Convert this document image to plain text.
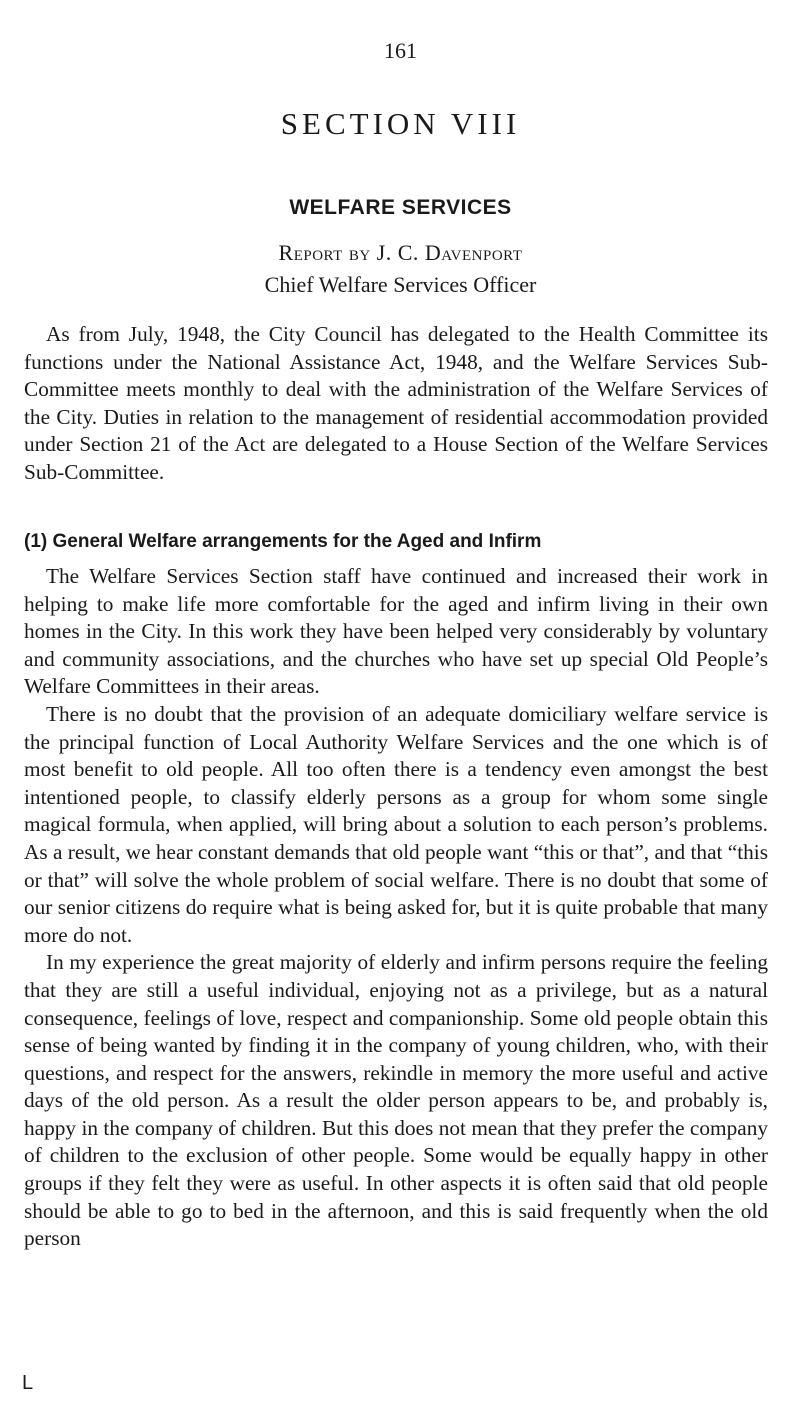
161
SECTION VIII
WELFARE SERVICES
Report by J. C. Davenport
Chief Welfare Services Officer

As from July, 1948, the City Council has delegated to the Health Committee its functions under the National Assistance Act, 1948, and the Welfare Services Sub-Committee meets monthly to deal with the administration of the Welfare Services of the City. Duties in relation to the management of residential accommodation provided under Section 21 of the Act are delegated to a House Section of the Welfare Services Sub-Committee.

(1) General Welfare arrangements for the Aged and Infirm

The Welfare Services Section staff have continued and increased their work in helping to make life more comfortable for the aged and infirm living in their own homes in the City. In this work they have been helped very considerably by voluntary and community associations, and the churches who have set up special Old People’s Welfare Committees in their areas.

There is no doubt that the provision of an adequate domiciliary welfare service is the principal function of Local Authority Welfare Services and the one which is of most benefit to old people. All too often there is a tendency even amongst the best intentioned people, to classify elderly persons as a group for whom some single magical formula, when applied, will bring about a solution to each person’s problems. As a result, we hear constant demands that old people want “this or that”, and that “this or that” will solve the whole problem of social welfare. There is no doubt that some of our senior citizens do require what is being asked for, but it is quite probable that many more do not.

In my experience the great majority of elderly and infirm persons require the feeling that they are still a useful individual, enjoying not as a privilege, but as a natural consequence, feelings of love, respect and companionship. Some old people obtain this sense of being wanted by finding it in the company of young children, who, with their questions, and respect for the answers, rekindle in memory the more useful and active days of the old person. As a result the older person appears to be, and probably is, happy in the company of children. But this does not mean that they prefer the company of children to the exclusion of other people. Some would be equally happy in other groups if they felt they were as useful. In other aspects it is often said that old people should be able to go to bed in the afternoon, and this is said frequently when the old person

L
